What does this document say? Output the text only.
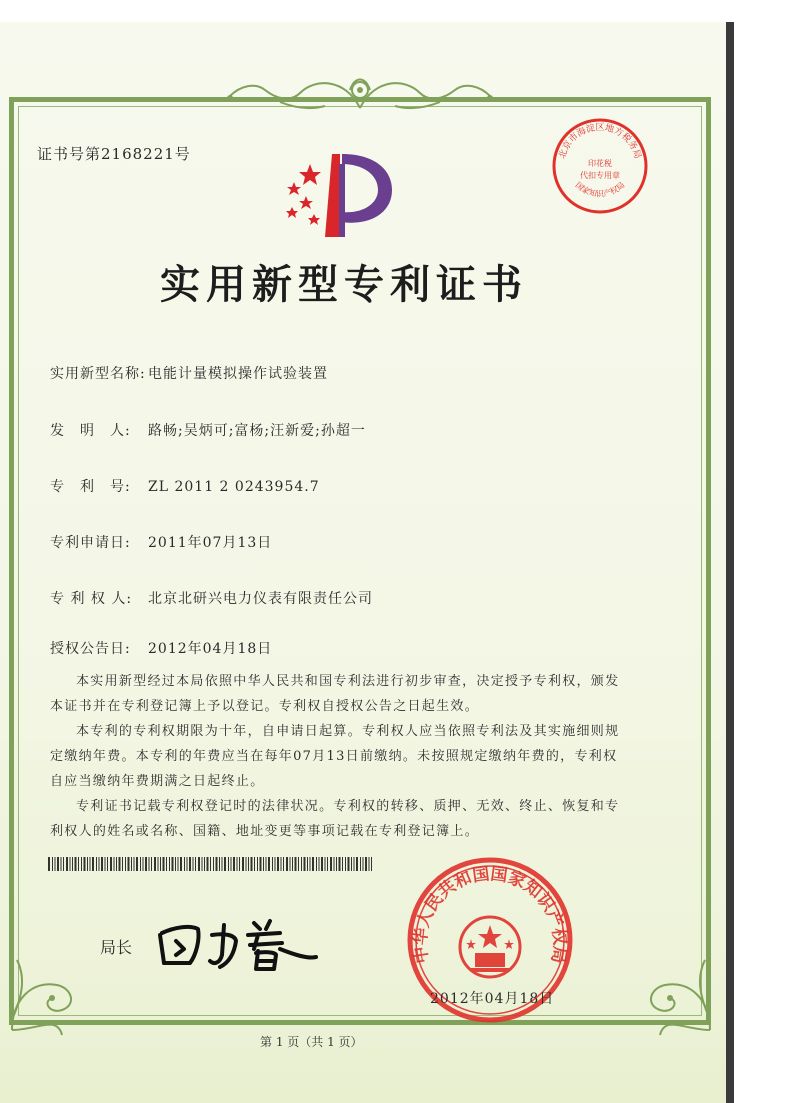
证书号第2168221号	北京市海淀区地方税务局
印花税
代扣专用章
国家知识产权局
实用新型专利证书
实用新型名称: 电能计量模拟操作试验装置
发　明　人: 路畅;吴炳可;富杨;汪新爱;孙超一
专　利　号: ZL 2011 2 0243954.7
专利申请日: 2011年07月13日
专 利 权 人: 北京北研兴电力仪表有限责任公司
授权公告日: 2012年04月18日

本实用新型经过本局依照中华人民共和国专利法进行初步审查，决定授予专利权，颁发本证书并在专利登记簿上予以登记。专利权自授权公告之日起生效。

本专利的专利权期限为十年，自申请日起算。专利权人应当依照专利法及其实施细则规定缴纳年费。本专利的年费应当在每年07月13日前缴纳。未按照规定缴纳年费的，专利权自应当缴纳年费期满之日起终止。

专利证书记载专利权登记时的法律状况。专利权的转移、质押、无效、终止、恢复和专利权人的姓名或名称、国籍、地址变更等事项记载在专利登记簿上。

局长	中华人民共和国国家知识产权局
2012年04月18日
第 1 页（共 1 页）
